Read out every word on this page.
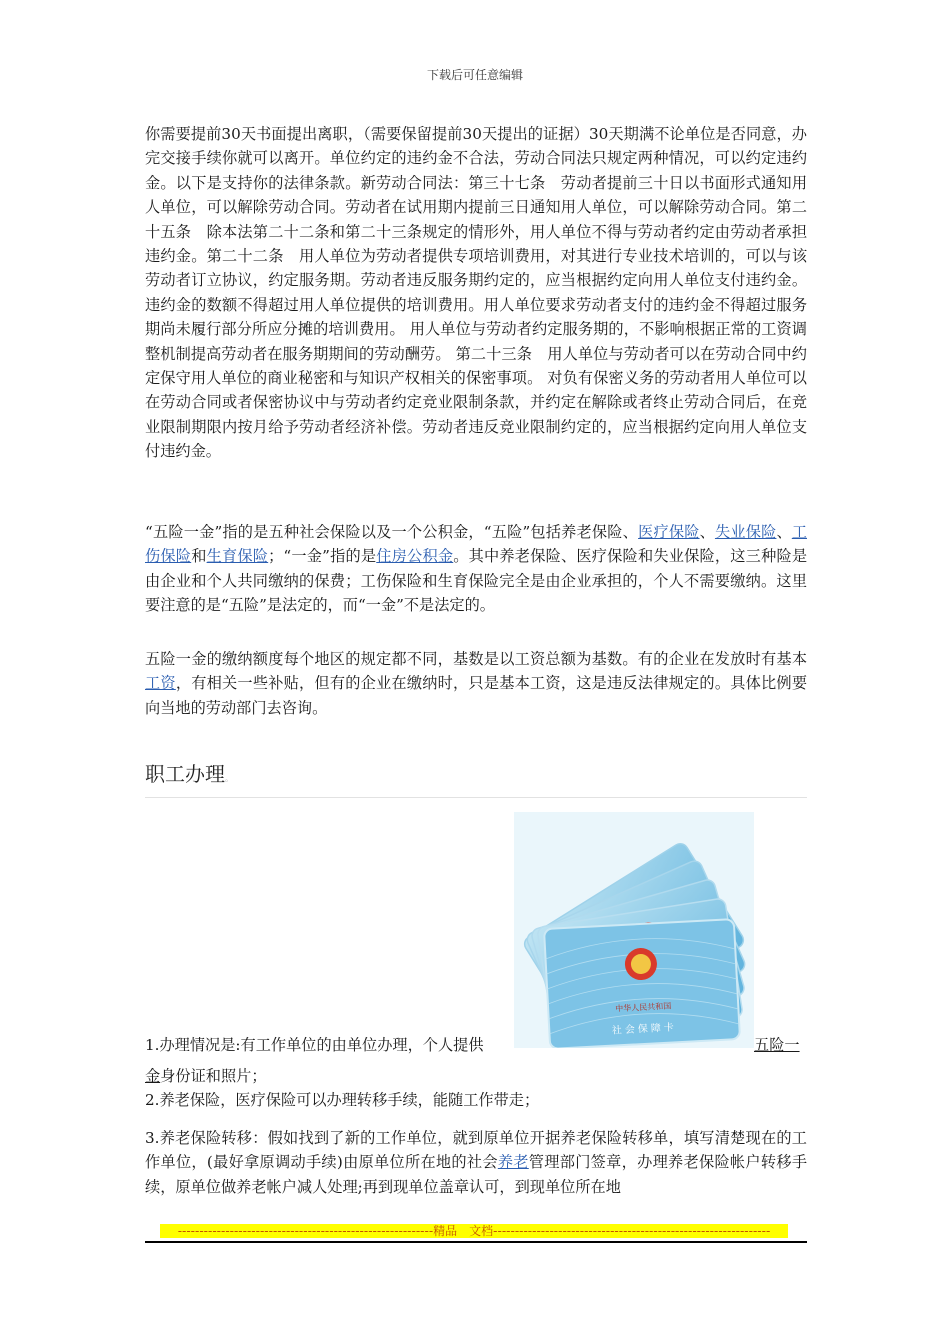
下载后可任意编辑

你需要提前30天书面提出离职，（需要保留提前30天提出的证据）30天期满不论单位是否同意，办完交接手续你就可以离开。单位约定的违约金不合法，劳动合同法只规定两种情况，可以约定违约金。以下是支持你的法律条款。新劳动合同法：第三十七条　劳动者提前三十日以书面形式通知用人单位，可以解除劳动合同。劳动者在试用期内提前三日通知用人单位，可以解除劳动合同。第二十五条　除本法第二十二条和第二十三条规定的情形外，用人单位不得与劳动者约定由劳动者承担违约金。第二十二条　用人单位为劳动者提供专项培训费用，对其进行专业技术培训的，可以与该劳动者订立协议，约定服务期。劳动者违反服务期约定的，应当根据约定向用人单位支付违约金。违约金的数额不得超过用人单位提供的培训费用。用人单位要求劳动者支付的违约金不得超过服务期尚未履行部分所应分摊的培训费用。 用人单位与劳动者约定服务期的，不影响根据正常的工资调整机制提高劳动者在服务期期间的劳动酬劳。 第二十三条　用人单位与劳动者可以在劳动合同中约定保守用人单位的商业秘密和与知识产权相关的保密事项。 对负有保密义务的劳动者用人单位可以在劳动合同或者保密协议中与劳动者约定竞业限制条款，并约定在解除或者终止劳动合同后，在竞业限制期限内按月给予劳动者经济补偿。劳动者违反竞业限制约定的，应当根据约定向用人单位支付违约金。

“五险一金”指的是五种社会保险以及一个公积金，“五险”包括养老保险、医疗保险、失业保险、工伤保险和生育保险；“一金”指的是住房公积金。其中养老保险、医疗保险和失业保险，这三种险是由企业和个人共同缴纳的保费；工伤保险和生育保险完全是由企业承担的，个人不需要缴纳。这里要注意的是“五险”是法定的，而“一金”不是法定的。

五险一金的缴纳额度每个地区的规定都不同，基数是以工资总额为基数。有的企业在发放时有基本工资，有相关一些补贴，但有的企业在缴纳时，只是基本工资，这是违反法律规定的。具体比例要向当地的劳动部门去咨询。

职工办理。
中华人民共和国
社会保障卡

1.办理情况是:有工作单位的由单位办理，个人提供	五险一

金身份证和照片；

2.养老保险，医疗保险可以办理转移手续，能随工作带走；

3.养老保险转移：假如找到了新的工作单位，就到原单位开据养老保险转移单，填写清楚现在的工作单位，(最好拿原调动手续)由原单位所在地的社会养老管理部门签章，办理养老保险帐户转移手续，原单位做养老帐户减人处理;再到现单位盖章认可，到现单位所在地

-----------------------------------------------------------精品　文档----------------------------------------------------------------
